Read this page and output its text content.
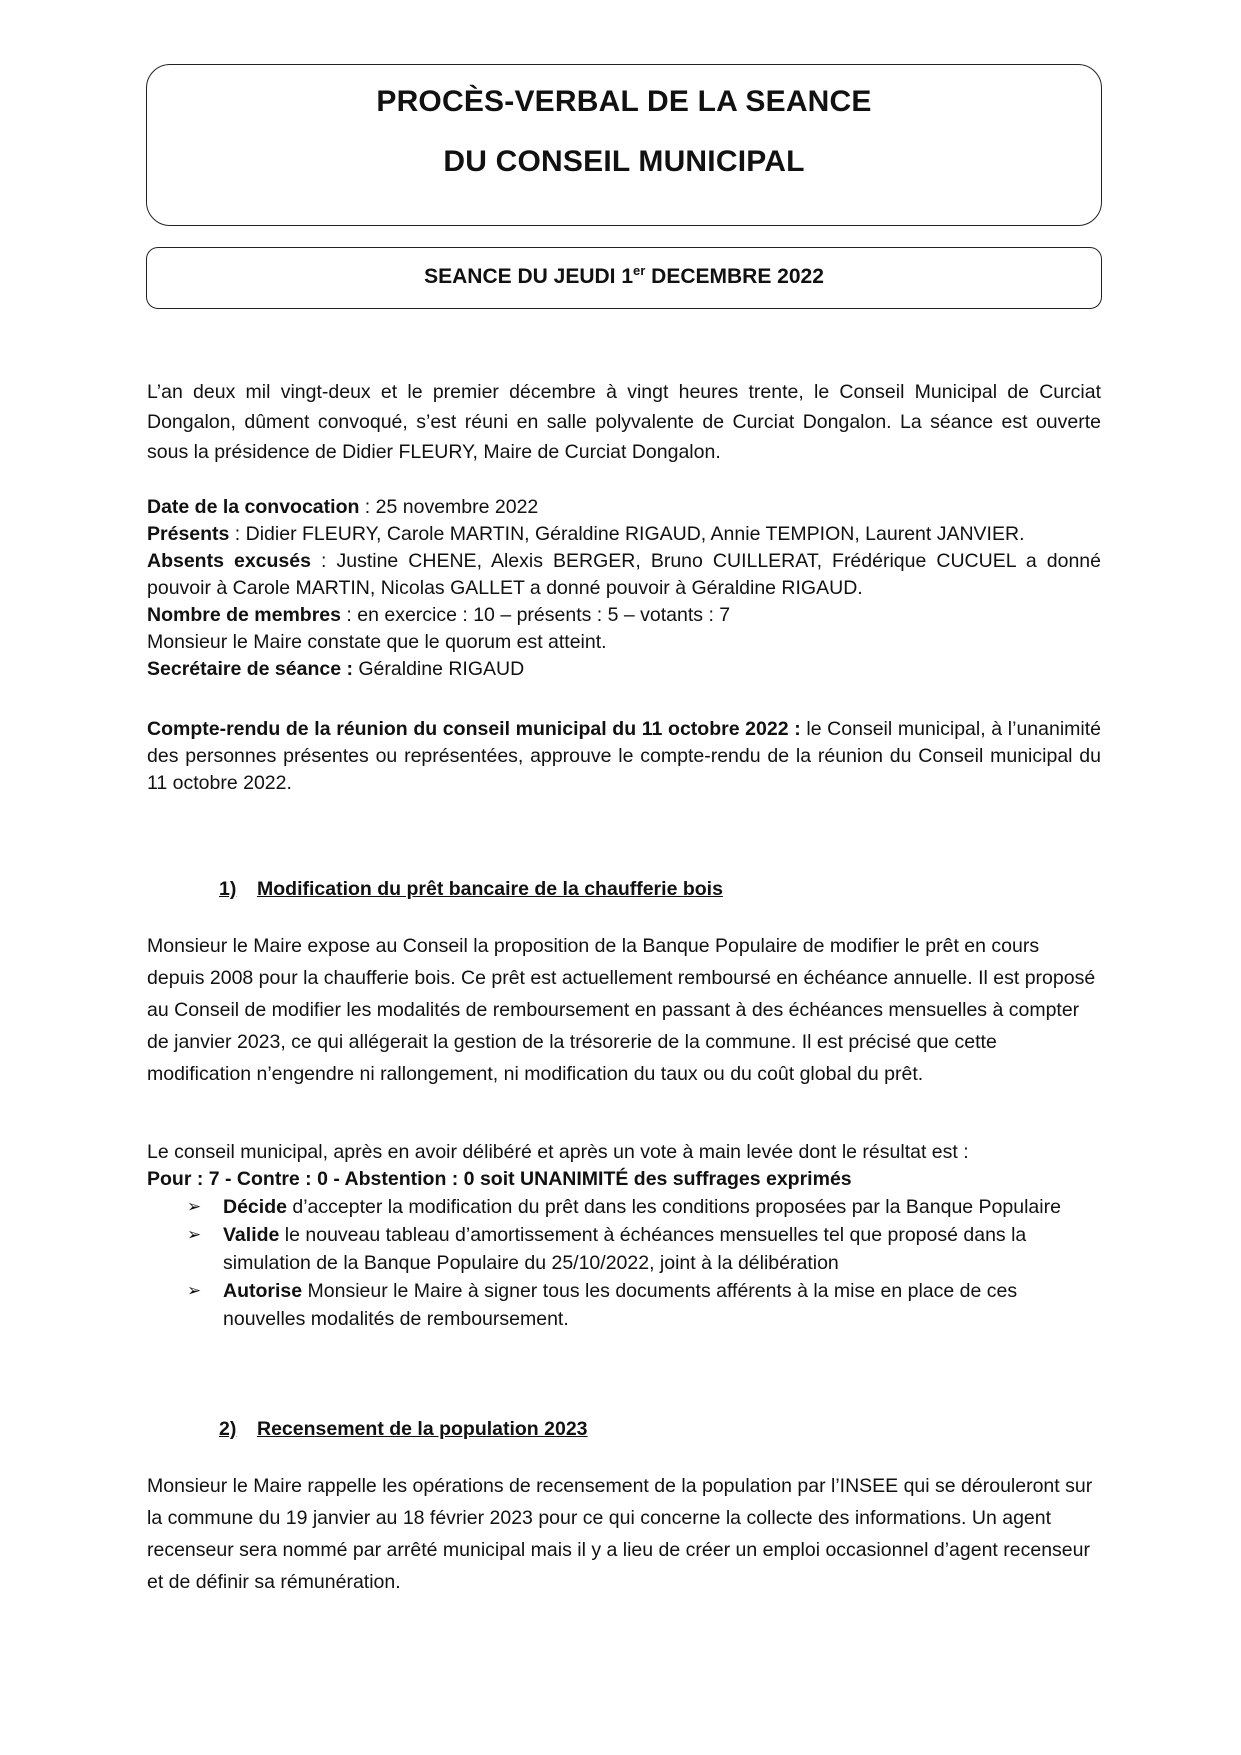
PROCÈS-VERBAL DE LA SEANCE
DU CONSEIL MUNICIPAL
SEANCE DU JEUDI 1er DECEMBRE 2022
L’an deux mil vingt-deux et le premier décembre à vingt heures trente, le Conseil Municipal de Curciat Dongalon, dûment convoqué, s’est réuni en salle polyvalente de Curciat Dongalon. La séance est ouverte sous la présidence de Didier FLEURY, Maire de Curciat Dongalon.
Date de la convocation : 25 novembre 2022
Présents : Didier FLEURY, Carole MARTIN, Géraldine RIGAUD, Annie TEMPION, Laurent JANVIER.
Absents excusés : Justine CHENE, Alexis BERGER, Bruno CUILLERAT, Frédérique CUCUEL a donné pouvoir à Carole MARTIN, Nicolas GALLET a donné pouvoir à Géraldine RIGAUD.
Nombre de membres : en exercice : 10 – présents : 5 – votants : 7
Monsieur le Maire constate que le quorum est atteint.
Secrétaire de séance : Géraldine RIGAUD
Compte-rendu de la réunion du conseil municipal du 11 octobre 2022 : le Conseil municipal, à l’unanimité des personnes présentes ou représentées, approuve le compte-rendu de la réunion du Conseil municipal du 11 octobre 2022.
1) Modification du prêt bancaire de la chaufferie bois
Monsieur le Maire expose au Conseil la proposition de la Banque Populaire de modifier le prêt en cours depuis 2008 pour la chaufferie bois. Ce prêt est actuellement remboursé en échéance annuelle. Il est proposé au Conseil de modifier les modalités de remboursement en passant à des échéances mensuelles à compter de janvier 2023, ce qui allégerait la gestion de la trésorerie de la commune. Il est précisé que cette modification n’engendre ni rallongement, ni modification du taux ou du coût global du prêt.
Le conseil municipal, après en avoir délibéré et après un vote à main levée dont le résultat est :
Pour : 7 - Contre : 0 - Abstention : 0 soit UNANIMITÉ des suffrages exprimés
➢ Décide d’accepter la modification du prêt dans les conditions proposées par la Banque Populaire
➢ Valide le nouveau tableau d’amortissement à échéances mensuelles tel que proposé dans la simulation de la Banque Populaire du 25/10/2022, joint à la délibération
➢ Autorise Monsieur le Maire à signer tous les documents afférents à la mise en place de ces nouvelles modalités de remboursement.
2) Recensement de la population 2023
Monsieur le Maire rappelle les opérations de recensement de la population par l’INSEE qui se dérouleront sur la commune du 19 janvier au 18 février 2023 pour ce qui concerne la collecte des informations. Un agent recenseur sera nommé par arrêté municipal mais il y a lieu de créer un emploi occasionnel d’agent recenseur et de définir sa rémunération.
